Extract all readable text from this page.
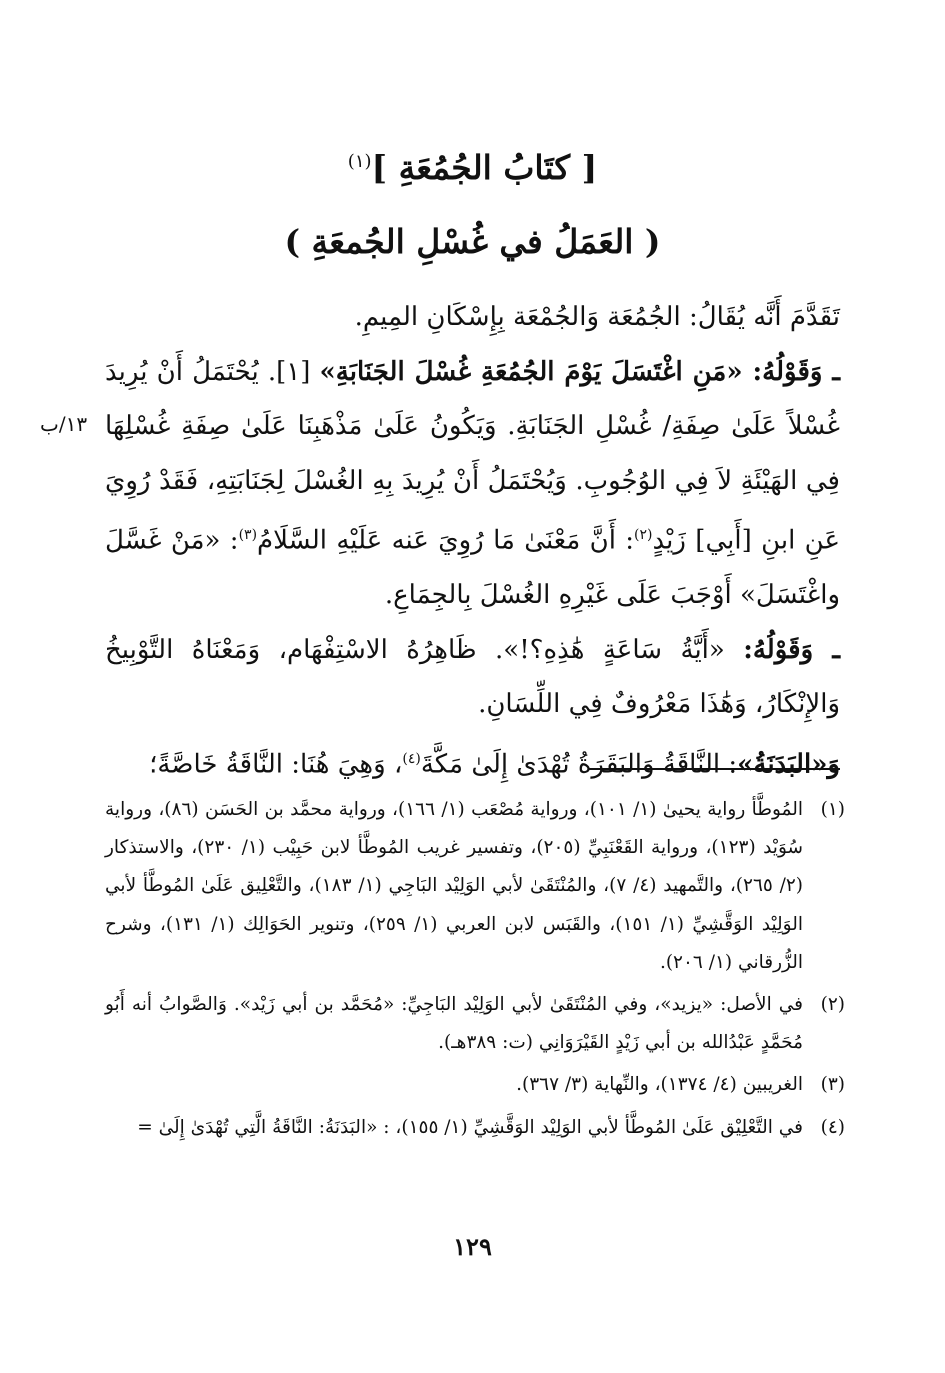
[ كتَابُ الجُمُعَةِ ]$^{(١)}$
( العَمَلُ في غُسْلِ الجُمعَةِ )
١٣/ب

تَقَدَّمَ أَنَّه يُقَالُ: الجُمُعَة وَالجُمْعَة بِإِسْكَانِ المِيمِ.

ـ وَقَوْلُهُ: «مَنِ اغْتَسَلَ يَوْمَ الجُمُعَةِ غُسْلَ الجَنَابَةِ» [١]. يُحْتَمَلُ أَنْ يُرِيدَ غُسْلاً عَلَىٰ صِفَةِ/ غُسْلِ الجَنَابَةِ. وَيَكُونُ عَلَىٰ مَذْهَبِنَا عَلَىٰ صِفَةِ غُسْلِهَا فِي الهَيْئَةِ لاَ فِي الوُجُوبِ. وَيُحْتَمَلُ أَنْ يُرِيدَ بِهِ الغُسْلَ لِجَنَابَتِهِ، فَقَدْ رُوِيَ عَنِ ابنِ [أَبِي] زَيْدٍ$^{(٢)}$: أَنَّ مَعْنَىٰ مَا رُوِيَ عَنه عَلَيْهِ السَّلَامُ$^{(٣)}$: «مَنْ غَسَّلَ واغْتَسَلَ» أَوْجَبَ عَلَى غَيْرِهِ الغُسْلَ بِالجِمَاعِ.

ـ وَقَوْلُهُ: «أَيَّةُ سَاعَةٍ هَٰذِهِ؟!». ظَاهِرُهُ الاسْتِفْهَام، وَمَعْنَاهُ التَّوْبِيخُ وَالإِنْكَارُ، وَهَٰذَا مَعْرُوفٌ فِي اللِّسَانِ.

وَ«البَدَنَةُ»: النَّاقَةُ وَالبَقَرَةُ تُهْدَىٰ إِلَىٰ مَكَّةَ$^{(٤)}$، وَهِيَ هُنَا: النَّاقَةُ خَاصَّةً؛

(١)
المُوطَّأ رواية يحيىٰ (١/ ١٠١)، ورواية مُصْعَب (١/ ١٦٦)، ورواية محمَّد بن الحَسَن (٨٦)، ورواية سُوَيْد (١٢٣)، ورواية القَعْنَبِيِّ (٢٠٥)، وتفسير غريب المُوطَّأ لابن حَبِيْب (١/ ٢٣٠)، والاستذكار (٢/ ٢٦٥)، والتَّمهيد (٤/ ٧)، والمُنْتَقَىٰ لأبي الوَلِيْد البَاجِي (١/ ١٨٣)، والتَّعْلِيق عَلَىٰ المُوطَّأ لأبي الوَلِيْد الوَقَّشِيِّ (١/ ١٥١)، والقَبَس لابن العربي (١/ ٢٥٩)، وتنوير الحَوَالِك (١/ ١٣١)، وشرح الزُّرقاني (١/ ٢٠٦).
(٢)
في الأصل: «يزيد»، وفي المُنْتَقَىٰ لأبي الوَلِيْد البَاجِيِّ: «مُحَمَّد بن أبي زَيْد». وَالصَّوابُ أنه أَبُو مُحَمَّدٍ عَبْدُالله بن أبي زَيْدٍ القَيْرَوَانِي (ت: ٣٨٩هـ).
(٣)
الغريبين (٤/ ١٣٧٤)، والنِّهاية (٣/ ٣٦٧).
(٤)
في التَّعْلِيْق عَلَىٰ المُوطَّأ لأبي الوَلِيْد الوَقَّشِيِّ (١/ ١٥٥)، : «البَدَنَةُ: النَّاقَةُ الَّتِي تُهْدَىٰ إِلَىٰ =
١٢٩
